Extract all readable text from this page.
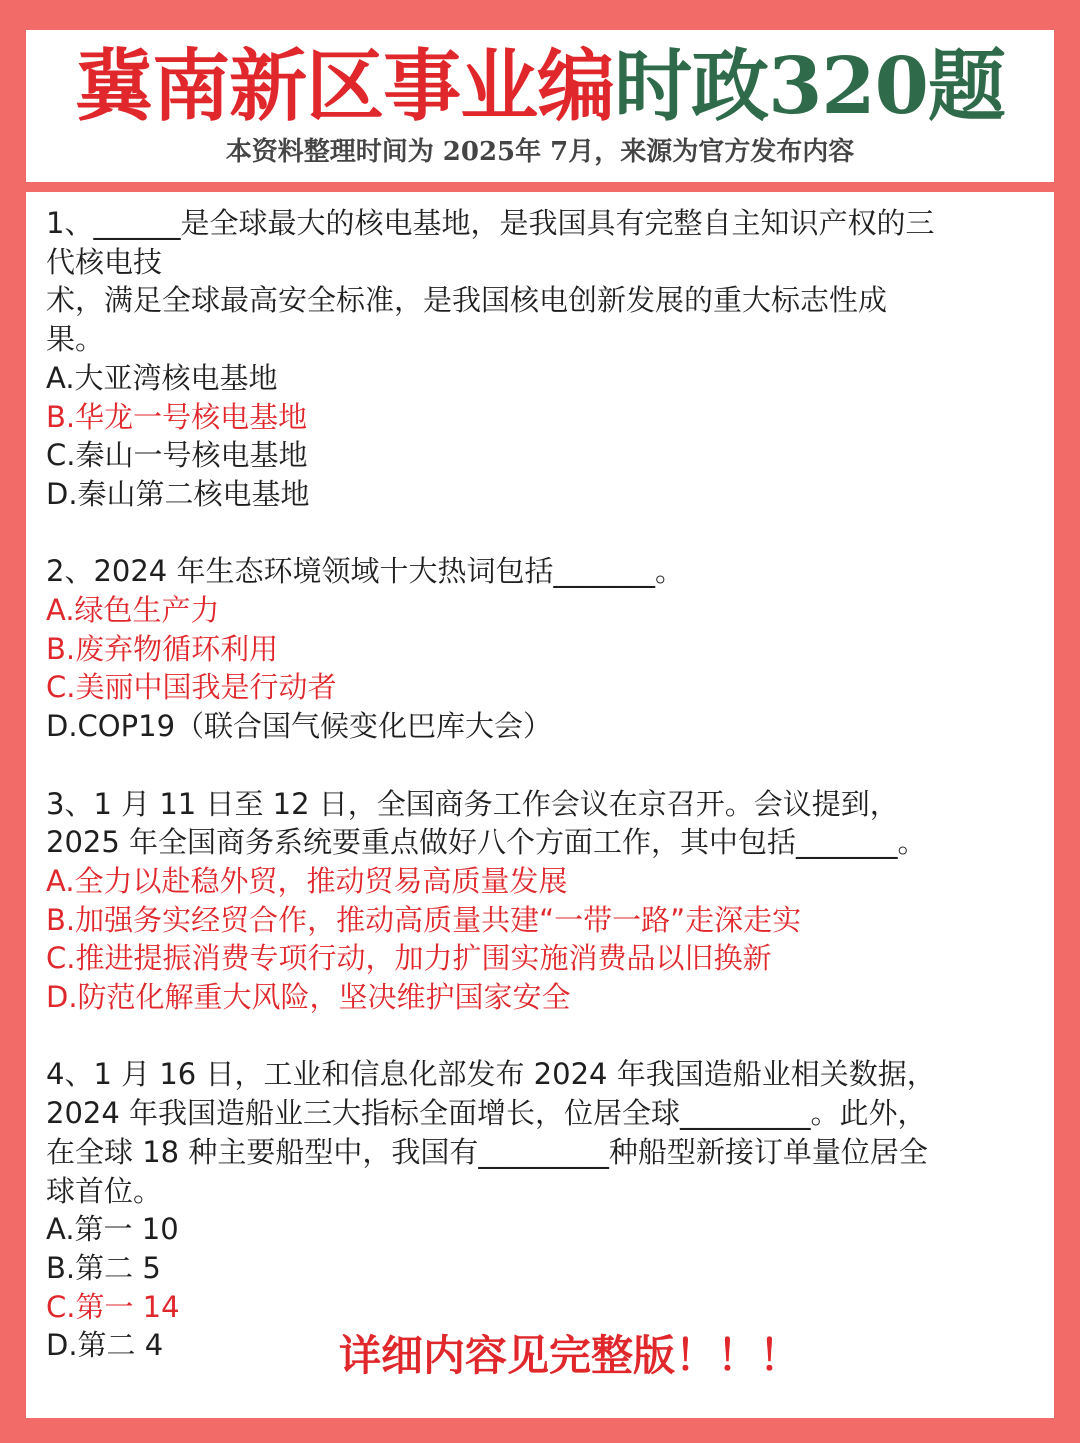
冀南新区事业编时政320题
本资料整理时间为 2025年 7月，来源为官方发布内容
1、______是全球最大的核电基地，是我国具有完整自主知识产权的三
代核电技
术，满足全球最高安全标准，是我国核电创新发展的重大标志性成
果。
A.大亚湾核电基地
B.华龙一号核电基地
C.秦山一号核电基地
D.秦山第二核电基地
2、2024 年生态环境领域十大热词包括_______。
A.绿色生产力
B.废弃物循环利用
C.美丽中国我是行动者
D.COP19（联合国气候变化巴库大会）
3、1 月 11 日至 12 日，全国商务工作会议在京召开。会议提到，
2025 年全国商务系统要重点做好八个方面工作，其中包括_______。
A.全力以赴稳外贸，推动贸易高质量发展
B.加强务实经贸合作，推动高质量共建“一带一路”走深走实
C.推进提振消费专项行动，加力扩围实施消费品以旧换新
D.防范化解重大风险，坚决维护国家安全
4、1 月 16 日，工业和信息化部发布 2024 年我国造船业相关数据，
2024 年我国造船业三大指标全面增长，位居全球_________。此外，
在全球 18 种主要船型中，我国有_________种船型新接订单量位居全
球首位。
A.第一 10
B.第二 5
C.第一 14
D.第二 4	详细内容见完整版！！！
